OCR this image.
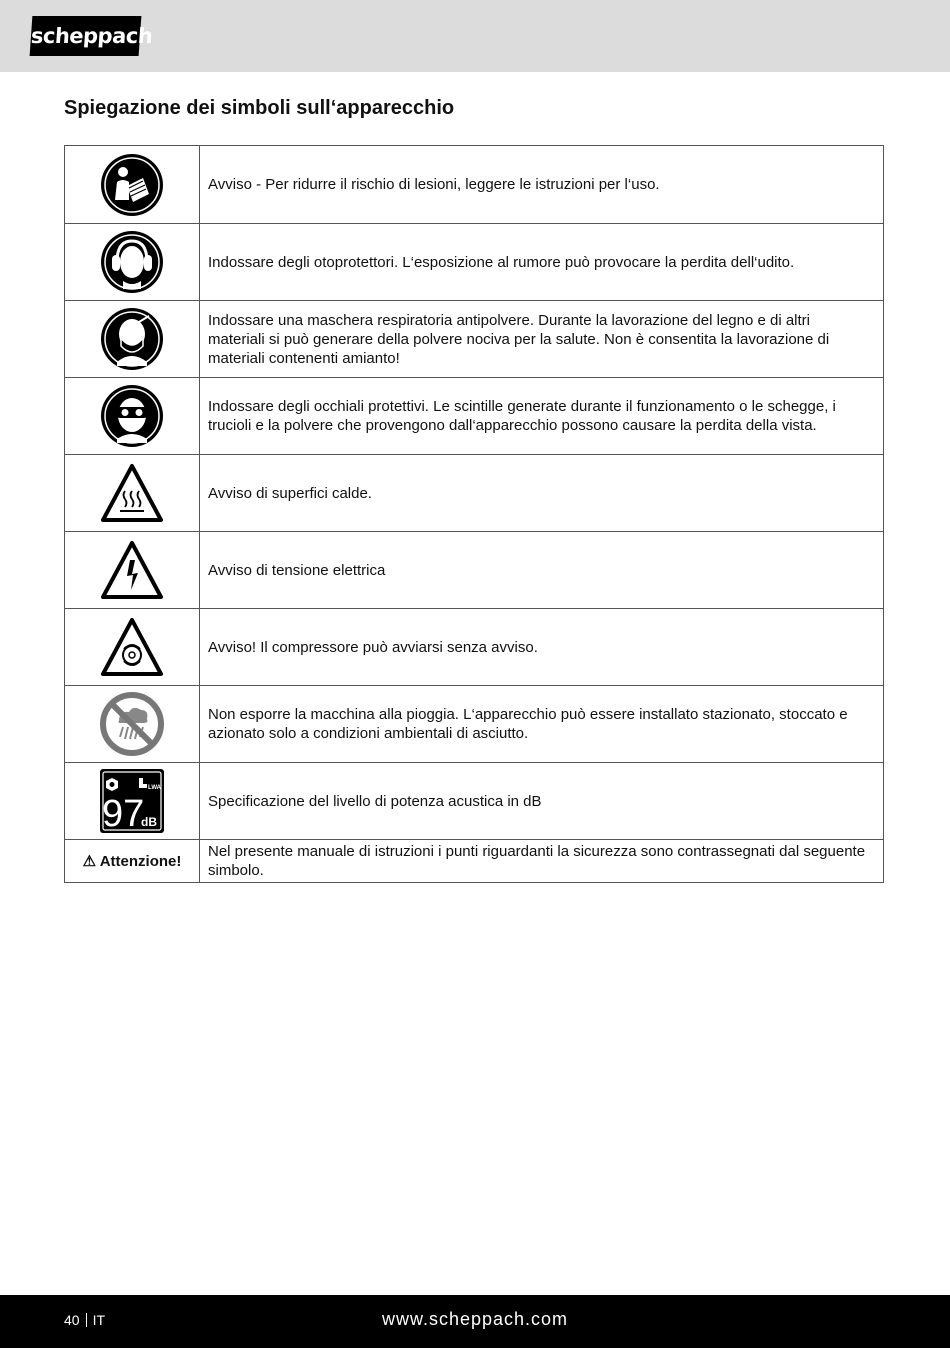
scheppach
Spiegazione dei simboli sull‘apparecchio
Avviso - Per ridurre il rischio di lesioni, leggere le istruzioni per l‘uso.
Indossare degli otoprotettori. L‘esposizione al rumore può provocare la perdita dell‘udito.
Indossare una maschera respiratoria antipolvere. Durante la lavorazione del legno e di altri materiali si può generare della polvere nociva per la salute. Non è consentita la lavorazione di materiali contenenti amianto!
Indossare degli occhiali protettivi. Le scintille generate durante il funzionamento o le schegge, i trucioli e la polvere che provengono dall‘apparecchio possono causare la perdita della vista.
Avviso di superfici calde.
Avviso di tensione elettrica
Avviso! Il compressore può avviarsi senza avviso.
Non esporre la macchina alla pioggia. L‘apparecchio può essere installato stazionato, stoccato e azionato solo a condizioni ambientali di asciutto.
LWA
97
dB
Specificazione del livello di potenza acustica in dB
⚠ Attenzione!
Nel presente manuale di istruzioni i punti riguardanti la sicurezza sono contrassegnati dal seguente simbolo.
40 IT	www.scheppach.com
